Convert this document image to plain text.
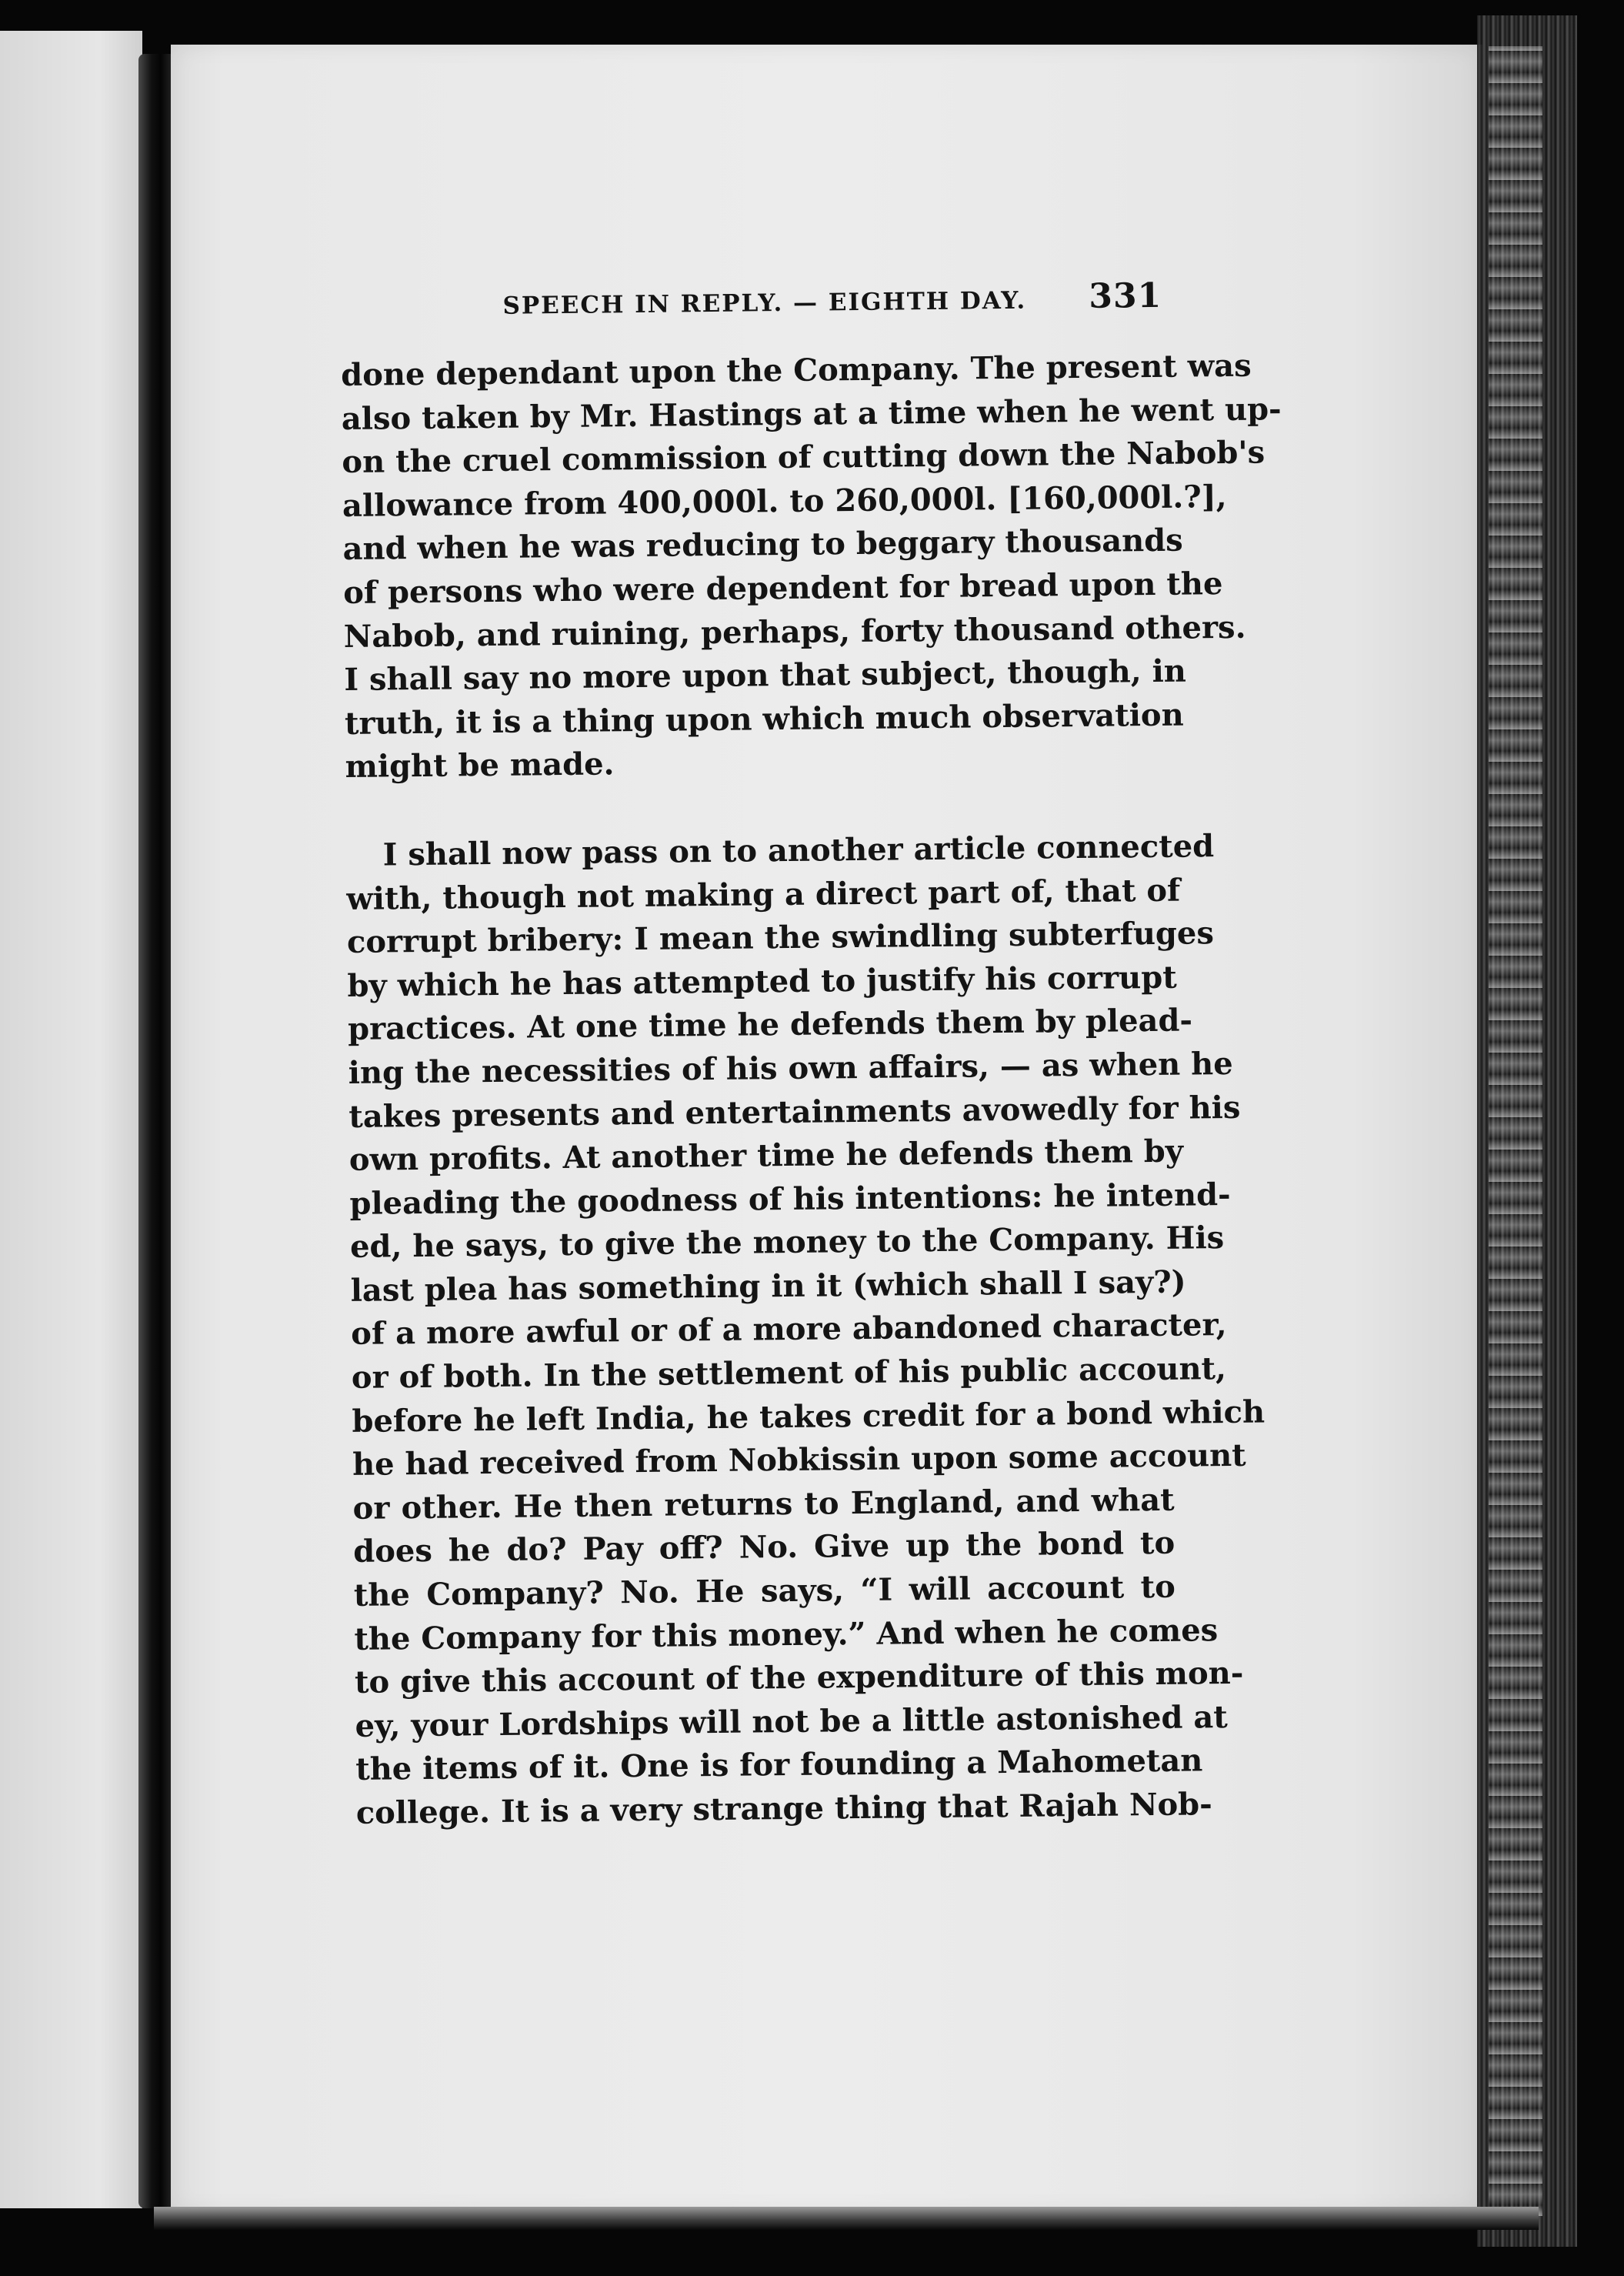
SPEECH IN REPLY. — EIGHTH DAY.	331
done dependant upon the Company. The present was
also taken by Mr. Hastings at a time when he went up-
on the cruel commission of cutting down the Nabob's
allowance from 400,000l. to 260,000l. [160,000l.?],
and when he was reducing to beggary thousands
of persons who were dependent for bread upon the
Nabob, and ruining, perhaps, forty thousand others.
I shall say no more upon that subject, though, in
truth, it is a thing upon which much observation
might be made.
I shall now pass on to another article connected
with, though not making a direct part of, that of
corrupt bribery: I mean the swindling subterfuges
by which he has attempted to justify his corrupt
practices. At one time he defends them by plead-
ing the necessities of his own affairs, — as when he
takes presents and entertainments avowedly for his
own profits. At another time he defends them by
pleading the goodness of his intentions: he intend-
ed, he says, to give the money to the Company. His
last plea has something in it (which shall I say?)
of a more awful or of a more abandoned character,
or of both. In the settlement of his public account,
before he left India, he takes credit for a bond which
he had received from Nobkissin upon some account
or other. He then returns to England, and what
does he do? Pay off? No. Give up the bond to
the Company? No. He says, “I will account to
the Company for this money.” And when he comes
to give this account of the expenditure of this mon-
ey, your Lordships will not be a little astonished at
the items of it. One is for founding a Mahometan
college. It is a very strange thing that Rajah Nob-
